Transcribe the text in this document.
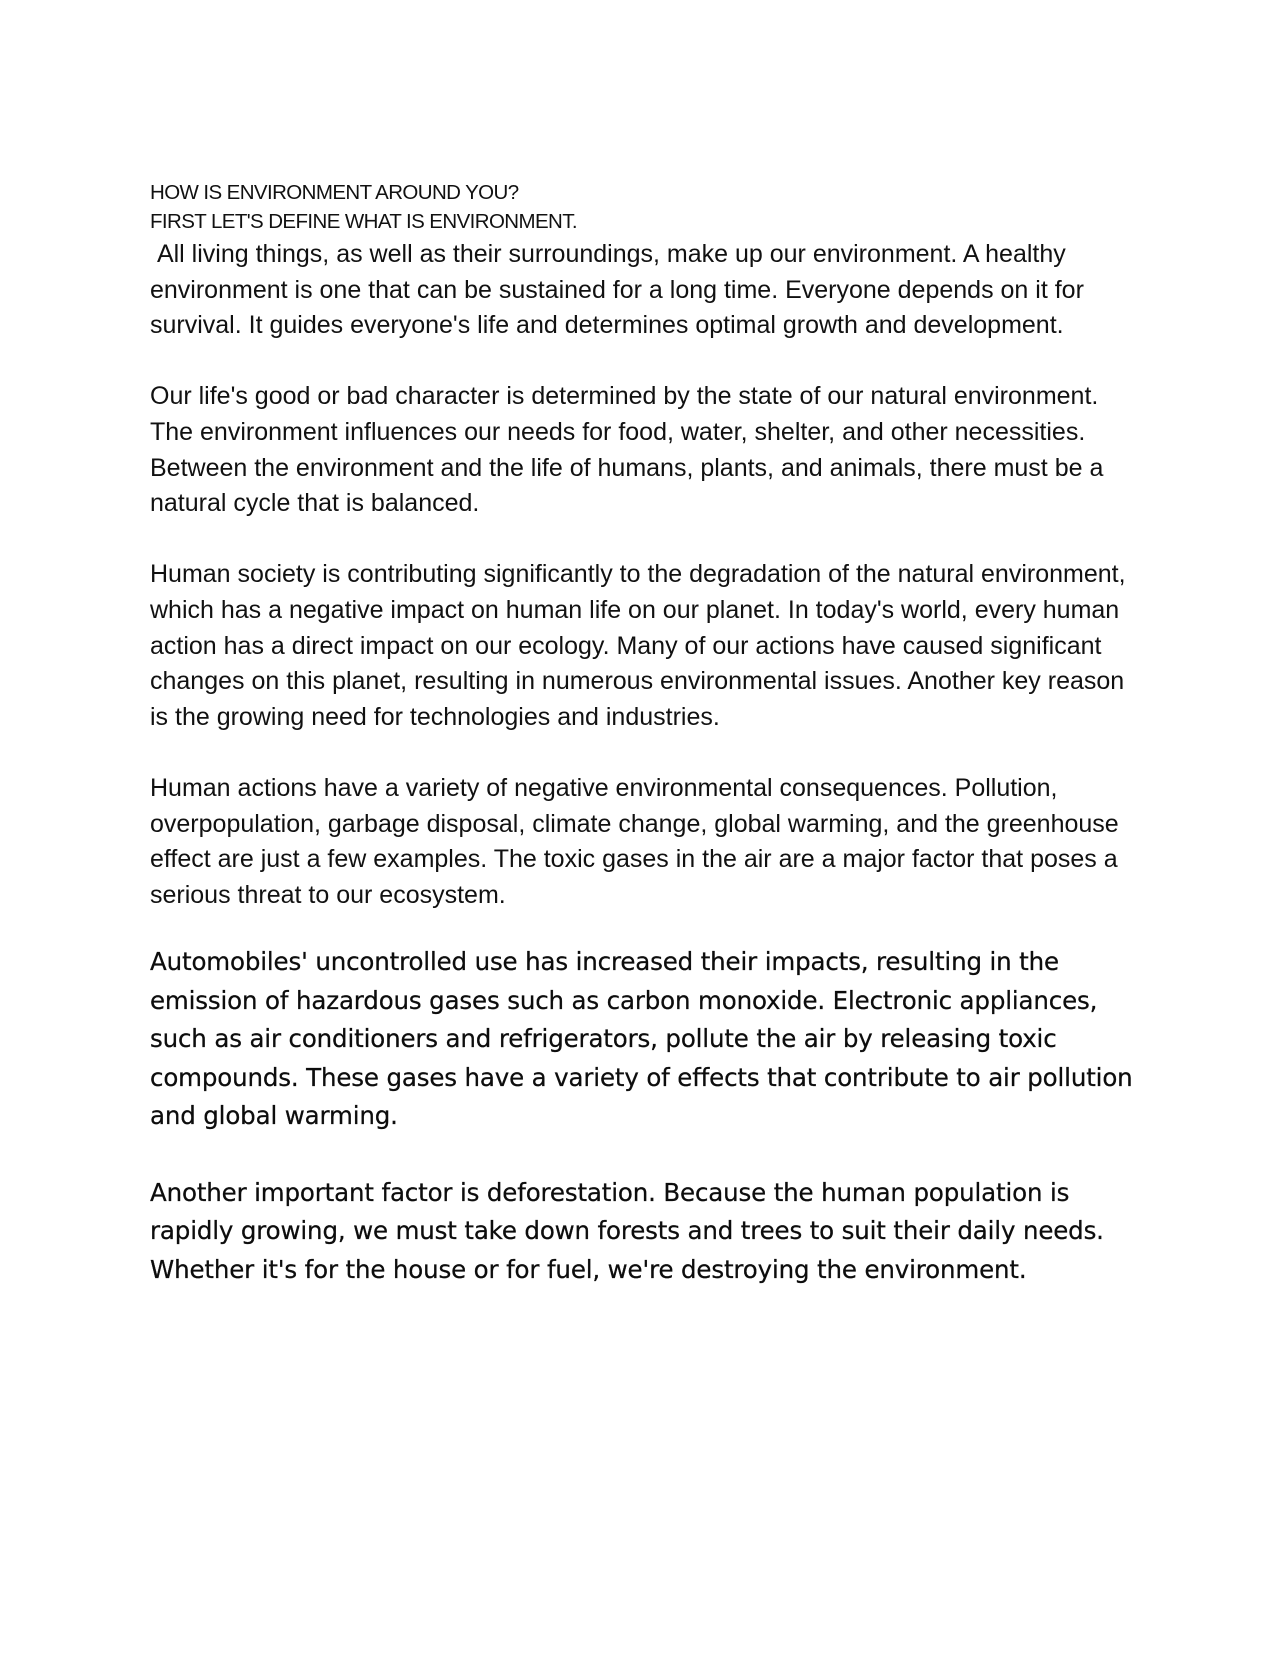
HOW IS ENVIRONMENT AROUND YOU?

FIRST LET'S DEFINE WHAT IS ENVIRONMENT.

All living things, as well as their surroundings, make up our environment. A healthy environment is one that can be sustained for a long time. Everyone depends on it for survival. It guides everyone's life and determines optimal growth and development.

Our life's good or bad character is determined by the state of our natural environment. The environment influences our needs for food, water, shelter, and other necessities. Between the environment and the life of humans, plants, and animals, there must be a natural cycle that is balanced.

Human society is contributing significantly to the degradation of the natural environment, which has a negative impact on human life on our planet. In today's world, every human action has a direct impact on our ecology. Many of our actions have caused significant changes on this planet, resulting in numerous environmental issues. Another key reason is the growing need for technologies and industries.

Human actions have a variety of negative environmental consequences. Pollution, overpopulation, garbage disposal, climate change, global warming, and the greenhouse effect are just a few examples. The toxic gases in the air are a major factor that poses a serious threat to our ecosystem.

Automobiles' uncontrolled use has increased their impacts, resulting in the emission of hazardous gases such as carbon monoxide. Electronic appliances, such as air conditioners and refrigerators, pollute the air by releasing toxic compounds. These gases have a variety of effects that contribute to air pollution and global warming.

Another important factor is deforestation. Because the human population is rapidly growing, we must take down forests and trees to suit their daily needs. Whether it's for the house or for fuel, we're destroying the environment.
